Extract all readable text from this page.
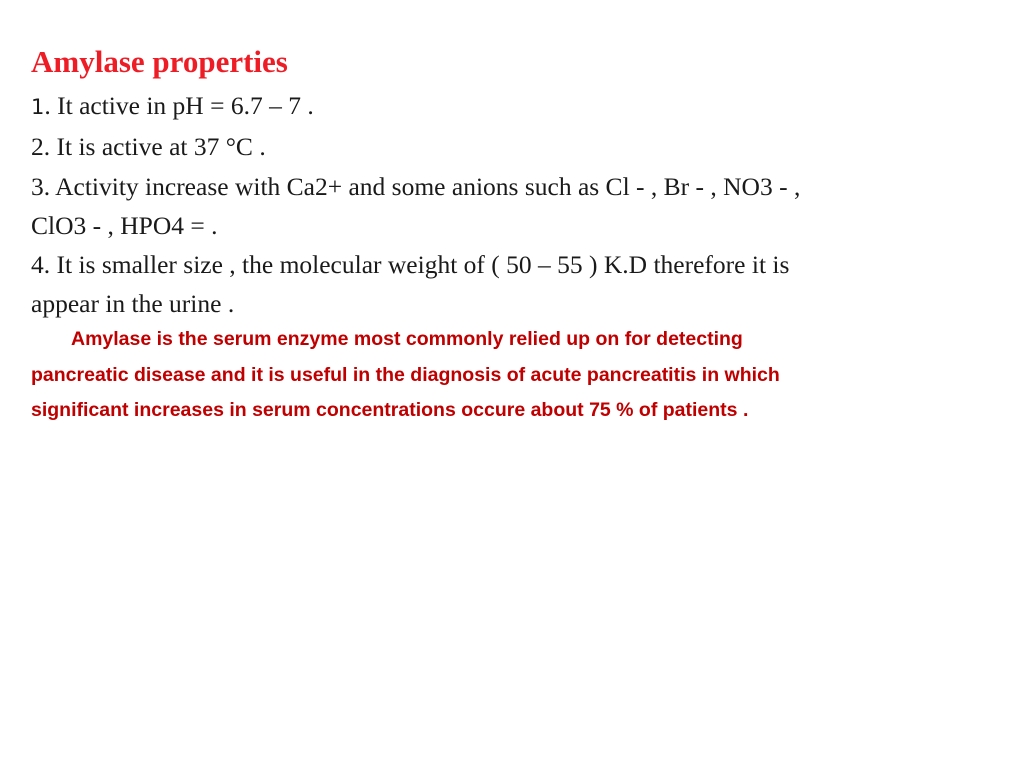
Amylase properties
1. It active in pH = 6.7 – 7 .
2. It is active at 37 °C .
3. Activity increase with Ca2+ and some anions such as Cl - , Br - , NO3 - ,
ClO3 - , HPO4 = .
4. It is smaller size , the molecular weight of ( 50 – 55 ) K.D therefore it is
appear in the urine .
Amylase is the serum enzyme most commonly relied up on for detecting
pancreatic disease and it is useful in the diagnosis of acute pancreatitis in which
significant increases in serum concentrations occure about 75 % of patients .
